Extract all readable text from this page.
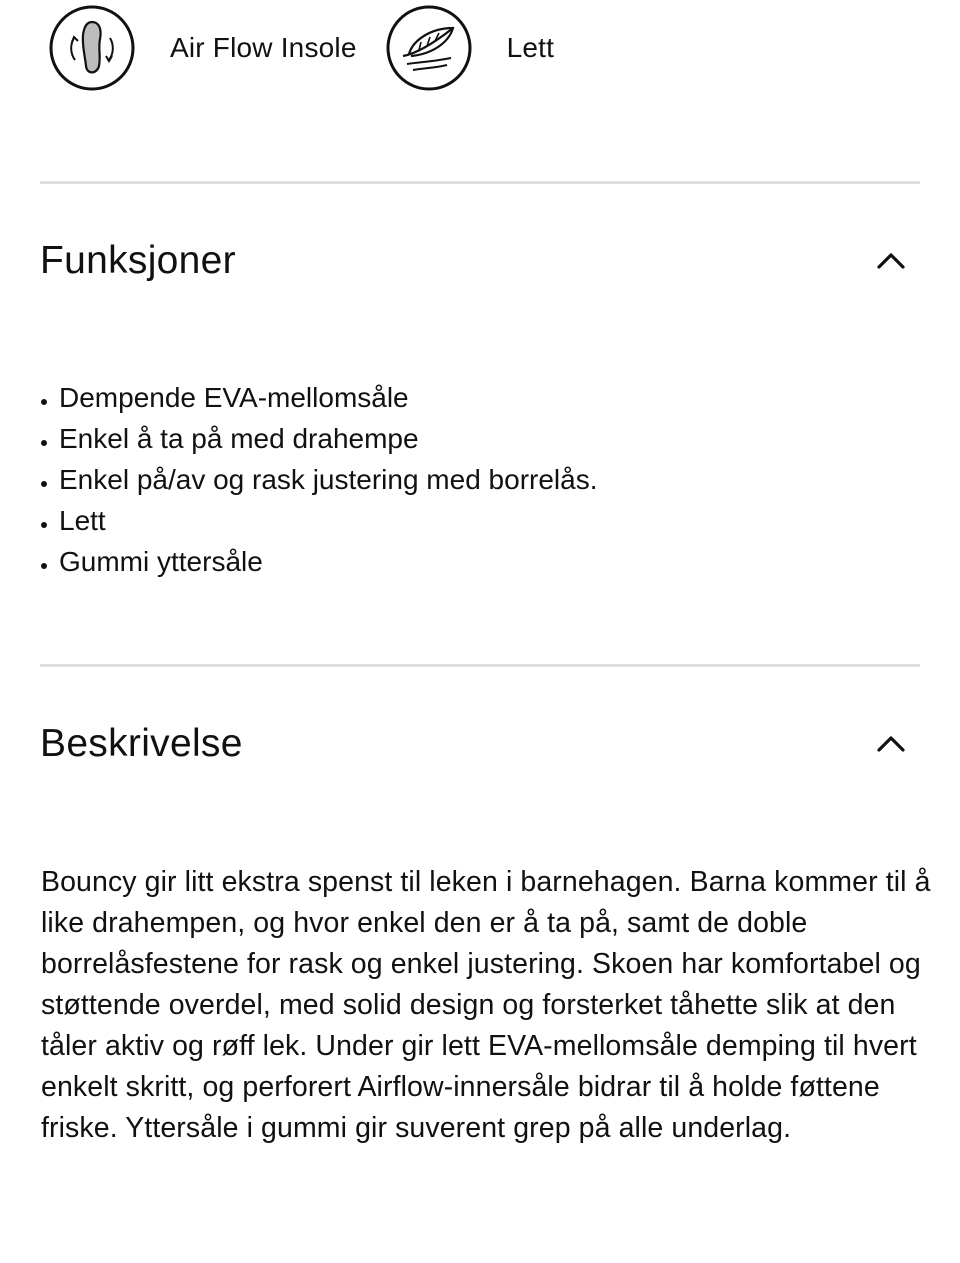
Air Flow Insole	Lett
Funksjoner
Dempende EVA-mellomsåle
Enkel å ta på med drahempe
Enkel på/av og rask justering med borrelås.
Lett
Gummi yttersåle
Beskrivelse

Bouncy gir litt ekstra spenst til leken i barnehagen. Barna kommer til å like drahempen, og hvor enkel den er å ta på, samt de doble borrelåsfestene for rask og enkel justering. Skoen har komfortabel og støttende overdel, med solid design og forsterket tåhette slik at den tåler aktiv og røff lek. Under gir lett EVA-mellomsåle demping til hvert enkelt skritt, og perforert Airflow-innersåle bidrar til å holde føttene friske. Yttersåle i gummi gir suverent grep på alle underlag.
